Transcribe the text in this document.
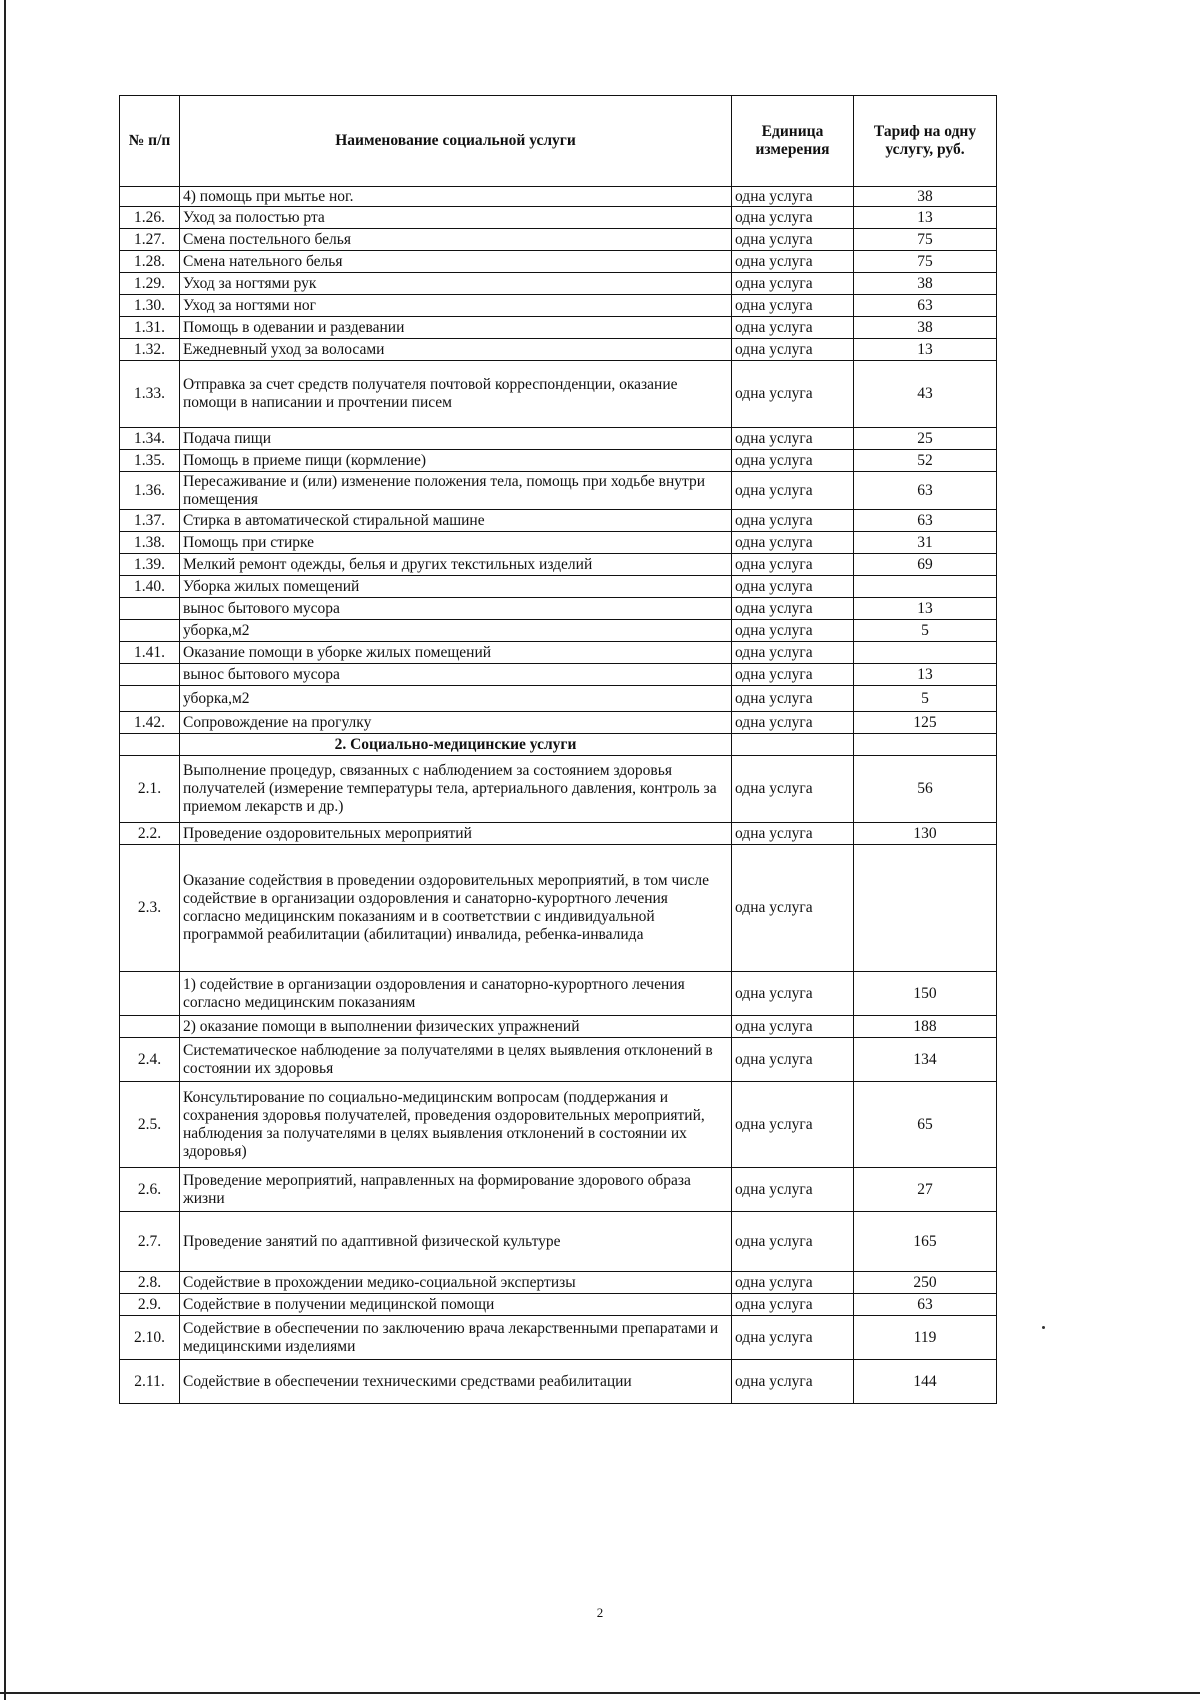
№ п/п	Наименование социальной услуги	Единица измерения	Тариф на одну услугу, руб.
	4) помощь при мытье ног.	одна услуга	38
1.26.	Уход за полостью рта	одна услуга	13
1.27.	Смена постельного белья	одна услуга	75
1.28.	Смена нательного белья	одна услуга	75
1.29.	Уход за ногтями рук	одна услуга	38
1.30.	Уход за ногтями ног	одна услуга	63
1.31.	Помощь в одевании и раздевании	одна услуга	38
1.32.	Ежедневный уход за волосами	одна услуга	13
1.33.	Отправка за счет средств получателя почтовой корреспонденции, оказание помощи в написании и прочтении писем	одна услуга	43
1.34.	Подача пищи	одна услуга	25
1.35.	Помощь в приеме пищи (кормление)	одна услуга	52
1.36.	Пересаживание и (или) изменение положения тела, помощь при ходьбе внутри помещения	одна услуга	63
1.37.	Стирка в автоматической стиральной машине	одна услуга	63
1.38.	Помощь при стирке	одна услуга	31
1.39.	Мелкий ремонт одежды, белья и других текстильных изделий	одна услуга	69
1.40.	Уборка жилых помещений	одна услуга	
	вынос бытового мусора	одна услуга	13
	уборка,м2	одна услуга	5
1.41.	Оказание помощи в уборке жилых помещений	одна услуга	
	вынос бытового мусора	одна услуга	13
	уборка,м2	одна услуга	5
1.42.	Сопровождение на прогулку	одна услуга	125
	2. Социально-медицинские услуги		
2.1.	Выполнение процедур, связанных с наблюдением за состоянием здоровья получателей (измерение температуры тела, артериального давления, контроль за приемом лекарств и др.)	одна услуга	56
2.2.	Проведение оздоровительных мероприятий	одна услуга	130
2.3.	Оказание содействия в проведении оздоровительных мероприятий, в том числе содействие в организации оздоровления и санаторно-курортного лечения согласно медицинским показаниям и в соответствии с индивидуальной программой реабилитации (абилитации) инвалида, ребенка-инвалида	одна услуга	
	1) содействие в организации оздоровления и санаторно-курортного лечения согласно медицинским показаниям	одна услуга	150
	2) оказание помощи в выполнении физических упражнений	одна услуга	188
2.4.	Систематическое наблюдение за получателями в целях выявления отклонений в состоянии их здоровья	одна услуга	134
2.5.	Консультирование по социально-медицинским вопросам (поддержания и сохранения здоровья получателей, проведения оздоровительных мероприятий, наблюдения за получателями в целях выявления отклонений в состоянии их здоровья)	одна услуга	65
2.6.	Проведение мероприятий, направленных на формирование здорового образа жизни	одна услуга	27
2.7.	Проведение занятий по адаптивной физической культуре	одна услуга	165
2.8.	Содействие в прохождении медико-социальной экспертизы	одна услуга	250
2.9.	Содействие в получении медицинской помощи	одна услуга	63
2.10.	Содействие в обеспечении по заключению врача лекарственными препаратами и медицинскими изделиями	одна услуга	119
2.11.	Содействие в обеспечении техническими средствами реабилитации	одна услуга	144
2
